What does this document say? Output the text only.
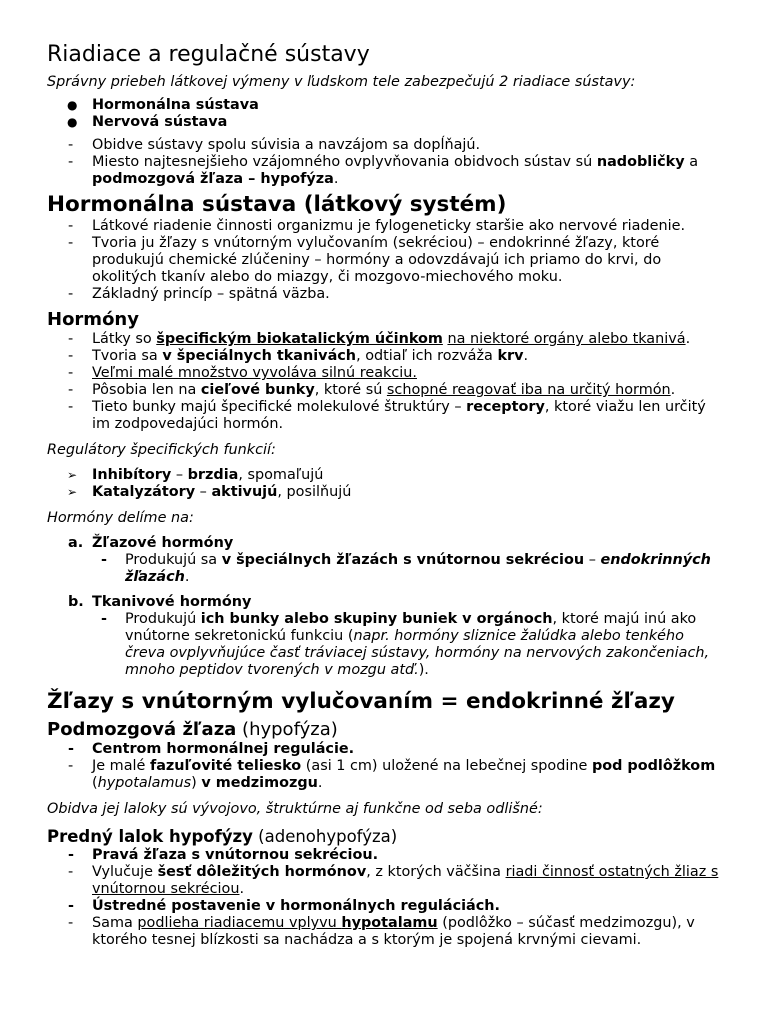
Riadiace a regulačné sústavy

Správny priebeh látkovej výmeny v ľudskom tele zabezpečujú 2 riadiace sústavy:

● Hormonálna sústava
● Nervová sústava
- Obidve sústavy spolu súvisia a navzájom sa dopĺňajú.
- Miesto najtesnejšieho vzájomného ovplyvňovania obidvoch sústav sú nadobličky a podmozgová žľaza – hypofýza.
Hormonálna sústava (látkový systém)
- Látkové riadenie činnosti organizmu je fylogeneticky staršie ako nervové riadenie.
- Tvoria ju žľazy s vnútorným vylučovaním (sekréciou) – endokrinné žľazy, ktoré produkujú chemické zlúčeniny – hormóny a odovzdávajú ich priamo do krvi, do okolitých tkanív alebo do miazgy, či mozgovo-miechového moku.
- Základný princíp – spätná väzba.
Hormóny
- Látky so špecifickým biokatalickým účinkom na niektoré orgány alebo tkanivá.
- Tvoria sa v špeciálnych tkanivách, odtiaľ ich rozváža krv.
- Veľmi malé množstvo vyvoláva silnú reakciu.
- Pôsobia len na cieľové bunky, ktoré sú schopné reagovať iba na určitý hormón.
- Tieto bunky majú špecifické molekulové štruktúry – receptory, ktoré viažu len určitý im zodpovedajúci hormón.

Regulátory špecifických funkcií:

➢ Inhibítory – brzdia, spomaľujú
➢ Katalyzátory – aktivujú, posilňujú

Hormóny delíme na:

a. Žľazové hormóny
- Produkujú sa v špeciálnych žľazách s vnútornou sekréciou – endokrinných žľazách.
b. Tkanivové hormóny
- Produkujú ich bunky alebo skupiny buniek v orgánoch, ktoré majú inú ako vnútorne sekretonickú funkciu (napr. hormóny sliznice žalúdka alebo tenkého čreva ovplyvňujúce časť tráviacej sústavy, hormóny na nervových zakončeniach, mnoho peptidov tvorených v mozgu atď.).
Žľazy s vnútorným vylučovaním = endokrinné žľazy
Podmozgová žľaza (hypofýza)
- Centrom hormonálnej regulácie.
- Je malé fazuľovité teliesko (asi 1 cm) uložené na lebečnej spodine pod podlôžkom (hypotalamus) v medzimozgu.

Obidva jej laloky sú vývojovo, štruktúrne aj funkčne od seba odlišné:

Predný lalok hypofýzy (adenohypofýza)
- Pravá žľaza s vnútornou sekréciou.
- Vylučuje šesť dôležitých hormónov, z ktorých väčšina riadi činnosť ostatných žliaz s vnútornou sekréciou.
- Ústredné postavenie v hormonálnych reguláciách.
- Sama podlieha riadiacemu vplyvu hypotalamu (podlôžko – súčasť medzimozgu), v ktorého tesnej blízkosti sa nachádza a s ktorým je spojená krvnými cievami.
